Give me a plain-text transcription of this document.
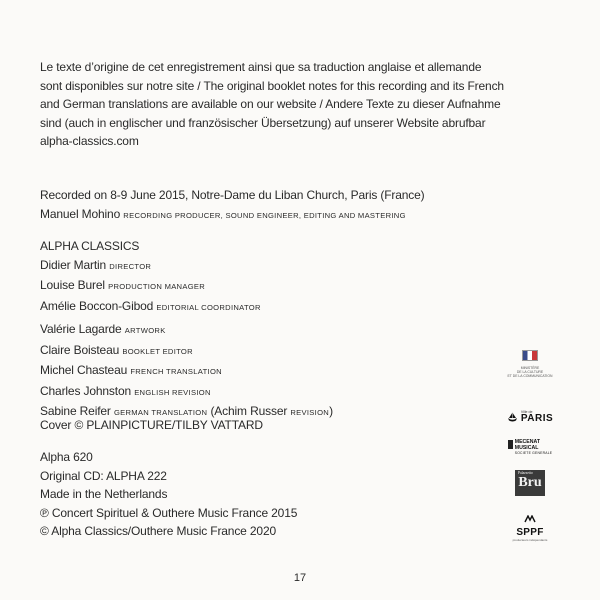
Le texte d’origine de cet enregistrement ainsi que sa traduction anglaise et allemande
sont disponibles sur notre site / The original booklet notes for this recording and its French
and German translations are available on our website / Andere Texte zu dieser Aufnahme
sind (auch in englischer und französischer Übersetzung) auf unserer Website abrufbar
alpha-classics.com
Recorded on 8-9 June 2015, Notre-Dame du Liban Church, Paris (France)
Manuel Mohino RECORDING PRODUCER, SOUND ENGINEER, EDITING AND MASTERING
ALPHA CLASSICS
Didier Martin DIRECTOR
Louise Burel PRODUCTION MANAGER
Amélie Boccon-Gibod EDITORIAL COORDINATOR
Valérie Lagarde ARTWORK
Claire Boisteau BOOKLET EDITOR
Michel Chasteau FRENCH TRANSLATION
Charles Johnston ENGLISH REVISION
Sabine Reifer GERMAN TRANSLATION (Achim Russer REVISION)
Cover © PLAINPICTURE/TILBY VATTARD
Alpha 620
Original CD: ALPHA 222
Made in the Netherlands
℗ Concert Spirituel & Outhere Music France 2015
© Alpha Classics/Outhere Music France 2020
MINISTÈRE
DE LA CULTURE
ET DE LA COMMUNICATION
Ville de
PARIS
MECENAT
MUSICAL
SOCIETE GENERALE
Palazzetto
Bru
SPPF
producteurs indépendants
17
